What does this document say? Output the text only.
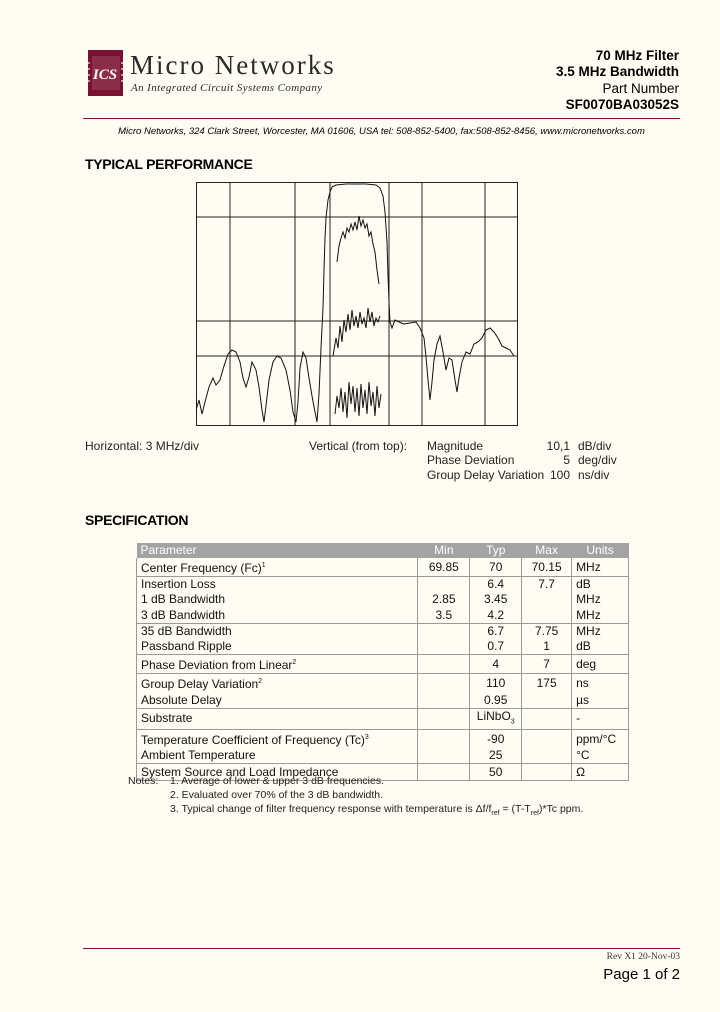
ICS Micro Networks
An Integrated Circuit Systems Company
70 MHz Filter
3.5 MHz Bandwidth
Part Number
SF0070BA03052S
Micro Networks, 324 Clark Street, Worcester, MA 01606, USA tel: 508-852-5400, fax:508-852-8456, www.micronetworks.com
TYPICAL PERFORMANCE
Horizontal: 3 MHz/div	Vertical (from top): Magnitude	10,1 dB/div
Phase Deviation	5 deg/div
Group Delay Variation 100 ns/div
SPECIFICATION
Parameter	Min	Typ	Max	Units
Center Frequency $(Fc)^1$	69.85	70	70.15	MHz
Insertion Loss		6.4	7.7	dB
1 dB Bandwidth	2.85	3.45		MHz
3 dB Bandwidth	3.5	4.2		MHz
35 dB Bandwidth		6.7	7.75	MHz
Passband Ripple		0.7	1	dB
Phase Deviation from Linear$^2$		4	7	deg
Group Delay Variation$^2$		110	175	ns
Absolute Delay		0.95		µs
Substrate		LiNbO$_3$		-
Temperature Coefficient of Frequency $(Tc)^3$		-90		ppm/°C
Ambient Temperature		25		°C
System Source and Load Impedance		50		Ω
Notes: 1. Average of lower & upper 3 dB frequencies.
2. Evaluated over 70% of the 3 dB bandwidth.
3. Typical change of filter frequency response with temperature is $\Delta f/f_{ref} = (T-T_{ref})*Tc$ ppm.
Rev X1 20-Nov-03
Page 1 of 2
